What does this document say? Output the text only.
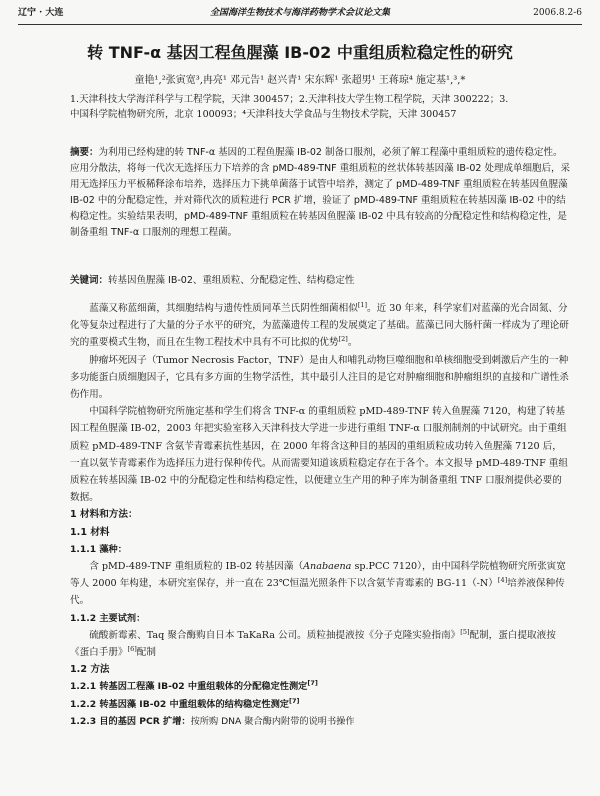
辽宁 · 大连	全国海洋生物技术与海洋药物学术会议论文集	2006.8.2-6
转 TNF-α 基因工程鱼腥藻 IB-02 中重组质粒稳定性的研究
童艳¹,²张寅宽³,冉亮¹ 邓元告¹ 赵兴青¹ 宋东辉¹ 张超男¹ 王蒋琼⁴ 施定基¹,³,*
1.天津科技大学海洋科学与工程学院，天津 300457；2.天津科技大学生物工程学院，天津 300222；3.
中国科学院植物研究所，北京 100093；⁴天津科技大学食品与生物技术学院，天津 300457
摘要：为利用已经构建的转 TNF-α 基因的工程鱼腥藻 IB-02 制备口服剂，必须了解工程藻中重组质粒的遗传稳定性。应用分散法，将每一代次无选择压力下培养的含 pMD-489-TNF 重组质粒的丝状体转基因藻 IB-02 处理成单细胞后，采用无选择压力平板稀释涂布培养，选择压力下挑单菌落于试管中培养，测定了 pMD-489-TNF 重组质粒在转基因鱼腥藻 IB-02 中的分配稳定性，并对筛代次的质粒进行 PCR 扩增，验证了 pMD-489-TNF 重组质粒在转基因藻 IB-02 中的结构稳定性。实验结果表明，pMD-489-TNF 重组质粒在转基因鱼腥藻 IB-02 中具有较高的分配稳定性和结构稳定性，是制备重组 TNF-α 口服剂的理想工程菌。
关键词：转基因鱼腥藻 IB-02、重组质粒、分配稳定性、结构稳定性

蓝藻又称蓝细菌，其细胞结构与遗传性质同革兰氏阴性细菌相似[1]。近 30 年来，科学家们对蓝藻的光合固氮、分化等复杂过程进行了大量的分子水平的研究，为蓝藻遗传工程的发展奠定了基础。蓝藻已同大肠杆菌一样成为了理论研究的重要模式生物，而且在生物工程技术中具有不可比拟的优势[2]。

肿瘤坏死因子（Tumor Necrosis Factor，TNF）是由人和哺乳动物巨噬细胞和单核细胞受到刺激后产生的一种多功能蛋白质细胞因子，它具有多方面的生物学活性，其中最引人注目的是它对肿瘤细胞和肿瘤组织的直接和广谱性杀伤作用。

中国科学院植物研究所施定基和学生们将含 TNF-α 的重组质粒 pMD-489-TNF 转入鱼腥藻 7120，构建了转基因工程鱼腥藻 IB-02，2003 年把实验室移入天津科技大学进一步进行重组 TNF-α 口服剂制剂的中试研究。由于重组质粒 pMD-489-TNF 含氨苄青霉素抗性基因，在 2000 年将含这种目的基因的重组质粒成功转入鱼腥藻 7120 后，一直以氨苄青霉素作为选择压力进行保种传代。从而需要知道该质粒稳定存在于各个。本文报导 pMD-489-TNF 重组质粒在转基因藻 IB-02 中的分配稳定性和结构稳定性，以便建立生产用的种子库为制备重组 TNF 口服剂提供必要的数据。

1 材料和方法：
1.1 材料
1.1.1 藻种：

含 pMD-489-TNF 重组质粒的 IB-02 转基因藻（Anabaena sp.PCC 7120），由中国科学院植物研究所张寅宽等人 2000 年构建，本研究室保存，并一直在 23℃恒温光照条件下以含氨苄青霉素的 BG-11（-N）[4]培养液保种传代。

1.1.2 主要试剂：

硫酸新霉素、Taq 聚合酶购自日本 TaKaRa 公司。质粒抽提液按《分子克隆实验指南》[5]配制，蛋白提取液按《蛋白手册》[6]配制

1.2 方法
1.2.1 转基因工程藻 IB-02 中重组载体的分配稳定性测定[7]
1.2.2 转基因藻 IB-02 中重组载体的结构稳定性测定[7]
1.2.3 目的基因 PCR 扩增：按所购 DNA 聚合酶内附带的说明书操作
